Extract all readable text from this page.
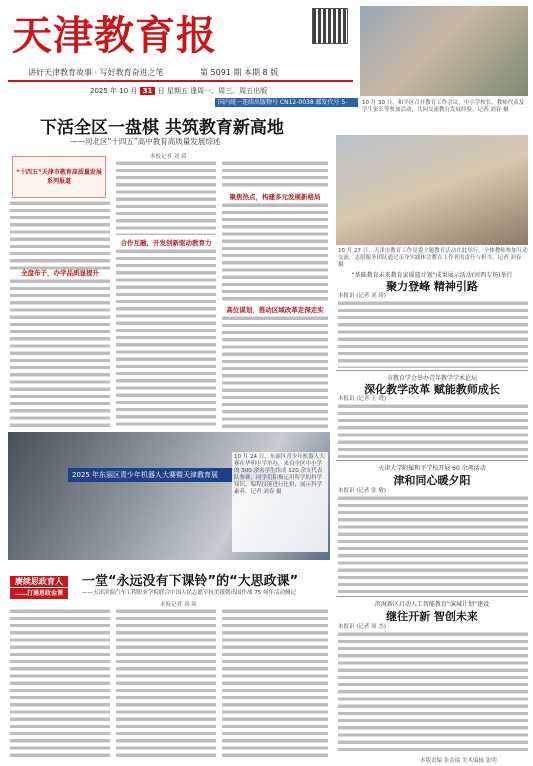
天津教育报
讲好天津教育故事 · 写好教育奋进之笔	第 5091 期 本期 8 版
2025 年 10 月 31 日 星期五 逢周一、周三、周五出版
国内统一连续出版物号 CN12-0038 邮发代号 5-4041
10 月 30 日，和平区召开教育工作会议，中小学校长、教师代表及学生家长等参加活动，共同交流教育发展经验。记者 刘春 摄
下活全区一盘棋 共筑教育新高地
——河北区“十四五”高中教育高质量发展综述
本报记者 刘 琦
“十四五”天津市教育高质量发展系列报道
全盘布子，办学品质显提升
合作互融，开发创新驱动教育力
聚焦热点，构建多元发展新格局
高位谋划，推动区域改革走深走实
10 月 27 日，天津市教育工作党委主题教育活动在此举行，全体教师参加互动交流，志愿服务团队通过亲身实践体会教育工作者的责任与担当。记者 刘春 摄
“基础教育未来教育家摇篮计划”成果展示活动(河西专场)举行
聚力登峰 精神引路
本报讯 (记者 刘 琦)
市教育学会举办青年教学学术论坛
深化教学改革 赋能教师成长
本报讯 (记者 王 晓)
天津大学附属和平学校开展 60 余项活动
津和同心暖夕阳
本报讯 (记者 张 敏)
滨海新区启动人工智能教育“演城计划”建设
继往开新 智创未来
本报讯 (记者 周 杰)
2025 年东丽区青少年机器人大赛暨天津教育展
10 月 24 日，东丽区青少年机器人大赛在华明中学举办，来自全区中小学的 300 余名学生组成 120 余支代表队参赛，同学们积极运用所学的科学知识、编程技能进行比拼，展示科学素养。记者 刘春 摄
赓续思政育人
……打通思政金课
一堂“永远没有下课铃”的“大思政课”
——天津滨海汽车工程职业学院联合中国人民志愿军抗美援朝出国作战 75 周年活动侧记
本报记者 刘 琦
本版责编 张金瑞 美术编辑 张明
